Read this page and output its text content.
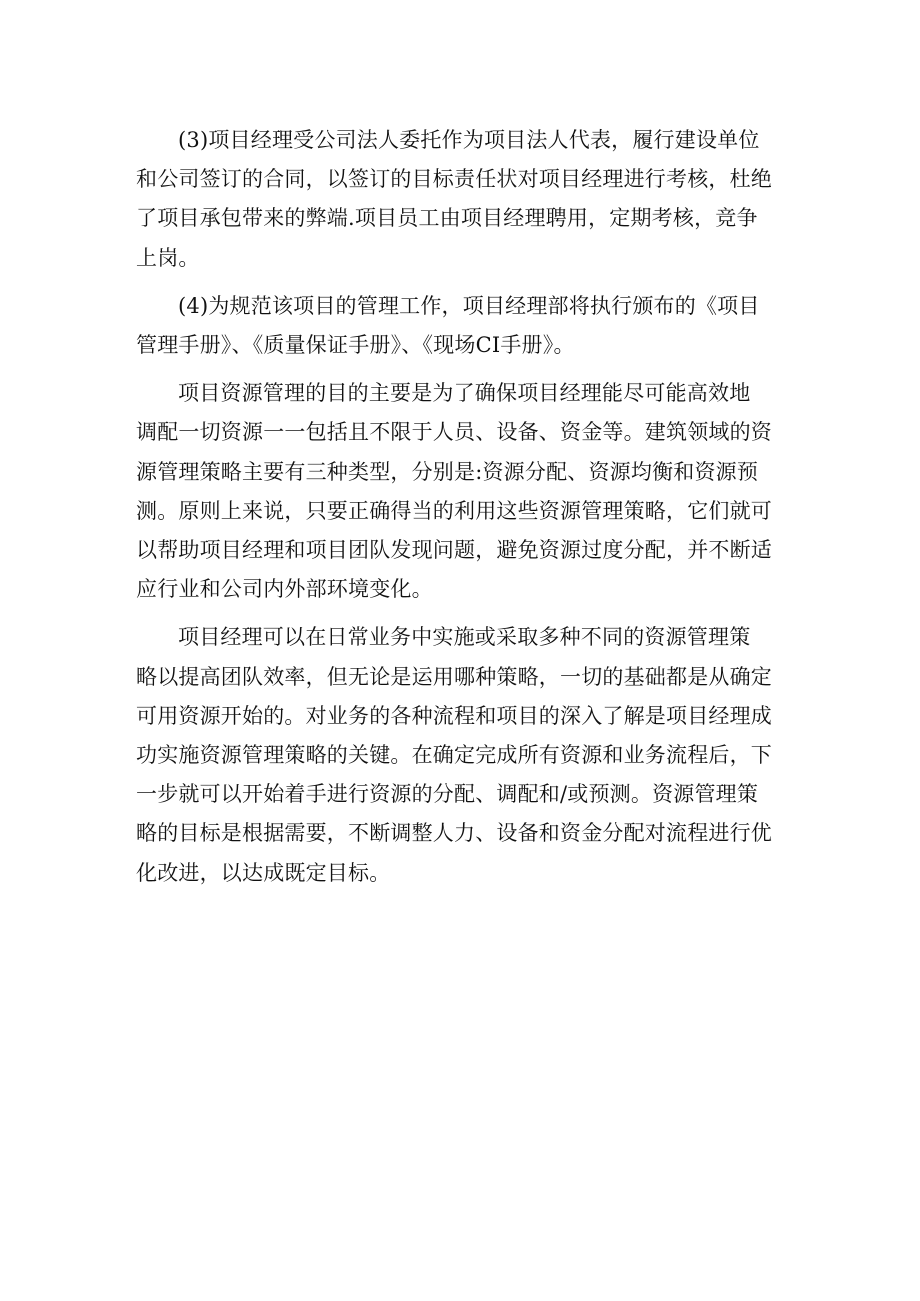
(3)项目经理受公司法人委托作为项目法人代表，履行建设单位
和公司签订的合同，以签订的目标责任状对项目经理进行考核，杜绝
了项目承包带来的弊端.项目员工由项目经理聘用，定期考核，竞争
上岗。

(4)为规范该项目的管理工作，项目经理部将执行颁布的《项目
管理手册》、《质量保证手册》、《现场CI手册》。

项目资源管理的目的主要是为了确保项目经理能尽可能高效地
调配一切资源一一包括且不限于人员、设备、资金等。建筑领域的资
源管理策略主要有三种类型，分别是:资源分配、资源均衡和资源预
测。原则上来说，只要正确得当的利用这些资源管理策略，它们就可
以帮助项目经理和项目团队发现问题，避免资源过度分配，并不断适
应行业和公司内外部环境变化。

项目经理可以在日常业务中实施或采取多种不同的资源管理策
略以提高团队效率，但无论是运用哪种策略，一切的基础都是从确定
可用资源开始的。对业务的各种流程和项目的深入了解是项目经理成
功实施资源管理策略的关键。在确定完成所有资源和业务流程后，下
一步就可以开始着手进行资源的分配、调配和/或预测。资源管理策
略的目标是根据需要，不断调整人力、设备和资金分配对流程进行优
化改进，以达成既定目标。
